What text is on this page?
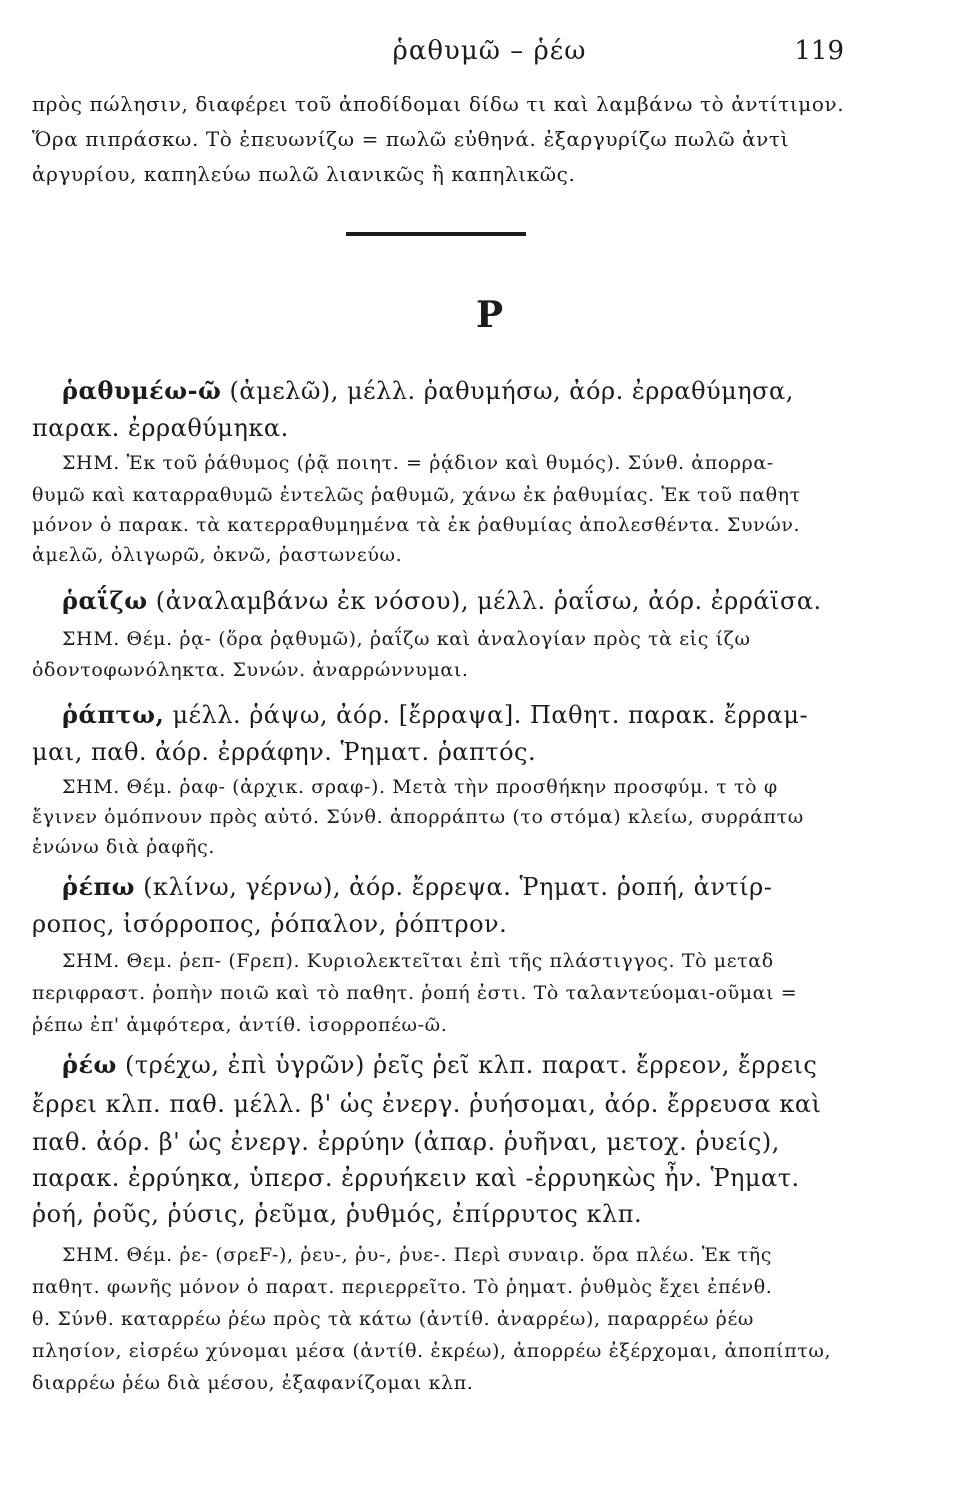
ῥαθυμῶ – ῥέω	119
πρὸς πώλησιν, διαφέρει τοῦ ἀποδίδομαι δίδω τι καὶ λαμβάνω τὸ ἀντίτιμον.
Ὅρα πιπράσκω. Τὸ ἐπευωνίζω = πωλῶ εὐθηνά. ἐξαργυρίζω πωλῶ ἀντὶ
ἀργυρίου, καπηλεύω πωλῶ λιανικῶς ἢ καπηλικῶς.
Ρ
ῥαθυμέω-ῶ (ἀμελῶ), μέλλ. ῥαθυμήσω, ἀόρ. ἐρραθύμησα,
παρακ. ἐρραθύμηκα.
ΣΗΜ. Ἐκ τοῦ ῥάθυμος (ῥᾷ ποιητ. = ῥᾴδιον καὶ θυμός). Σύνθ. ἀπορρα-
θυμῶ καὶ καταρραθυμῶ ἐντελῶς ῥαθυμῶ, χάνω ἐκ ῥαθυμίας. Ἐκ τοῦ παθητ
μόνον ὁ παρακ. τὰ κατερραθυμημένα τὰ ἐκ ῥαθυμίας ἀπολεσθέντα. Συνών.
ἀμελῶ, ὀλιγωρῶ, ὀκνῶ, ῥαστωνεύω.
ῥαΐζω (ἀναλαμβάνω ἐκ νόσου), μέλλ. ῥαΐσω, ἀόρ. ἐρράϊσα.
ΣΗΜ. Θέμ. ῥᾳ- (ὅρα ῥᾳθυμῶ), ῥαΐζω καὶ ἀναλογίαν πρὸς τὰ εἰς ίζω
ὀδοντοφωνόληκτα. Συνών. ἀναρρώννυμαι.
ῥάπτω, μέλλ. ῥάψω, ἀόρ. [ἔρραψα]. Παθητ. παρακ. ἔρραμ-
μαι, παθ. ἀόρ. ἐρράφην. Ῥηματ. ῥαπτός.
ΣΗΜ. Θέμ. ῥαφ- (ἀρχικ. σραφ-). Μετὰ τὴν προσθήκην προσφύμ. τ τὸ φ
ἔγινεν ὁμόπνουν πρὸς αὐτό. Σύνθ. ἀπορράπτω (το στόμα) κλείω, συρράπτω
ἑνώνω διὰ ῥαφῆς.
ῥέπω (κλίνω, γέρνω), ἀόρ. ἔρρεψα. Ῥηματ. ῥοπή, ἀντίρ-
ροπος, ἰσόρροπος, ῥόπαλον, ῥόπτρον.
ΣΗΜ. Θεμ. ῥεπ- (Fρεπ). Κυριολεκτεῖται ἐπὶ τῆς πλάστιγγος. Τὸ μεταδ
περιφραστ. ῥοπὴν ποιῶ καὶ τὸ παθητ. ῥοπή ἐστι. Τὸ ταλαντεύομαι-οῦμαι =
ῥέπω ἐπ' ἀμφότερα, ἀντίθ. ἰσορροπέω-ῶ.
ῥέω (τρέχω, ἐπὶ ὑγρῶν) ῥεῖς ῥεῖ κλπ. παρατ. ἔρρεον, ἔρρεις
ἔρρει κλπ. παθ. μέλλ. β' ὡς ἐνεργ. ῥυήσομαι, ἀόρ. ἔρρευσα καὶ
παθ. ἀόρ. β' ὡς ἐνεργ. ἐρρύην (ἀπαρ. ῥυῆναι, μετοχ. ῥυείς),
παρακ. ἐρρύηκα, ὑπερσ. ἐρρυήκειν καὶ -ἐρρυηκὼς ἦν. Ῥηματ.
ῥοή, ῥοῦς, ῥύσις, ῥεῦμα, ῥυθμός, ἐπίρρυτος κλπ.
ΣΗΜ. Θέμ. ῥε- (σρεF-), ῥευ-, ῥυ-, ῥυε-. Περὶ συναιρ. ὅρα πλέω. Ἐκ τῆς
παθητ. φωνῆς μόνον ὁ παρατ. περιερρεῖτο. Τὸ ῥηματ. ῥυθμὸς ἔχει ἐπένθ.
θ. Σύνθ. καταρρέω ῥέω πρὸς τὰ κάτω (ἀντίθ. ἀναρρέω), παραρρέω ῥέω
πλησίον, εἰσρέω χύνομαι μέσα (ἀντίθ. ἐκρέω), ἀπορρέω ἐξέρχομαι, ἀποπίπτω,
διαρρέω ῥέω διὰ μέσου, ἐξαφανίζομαι κλπ.
